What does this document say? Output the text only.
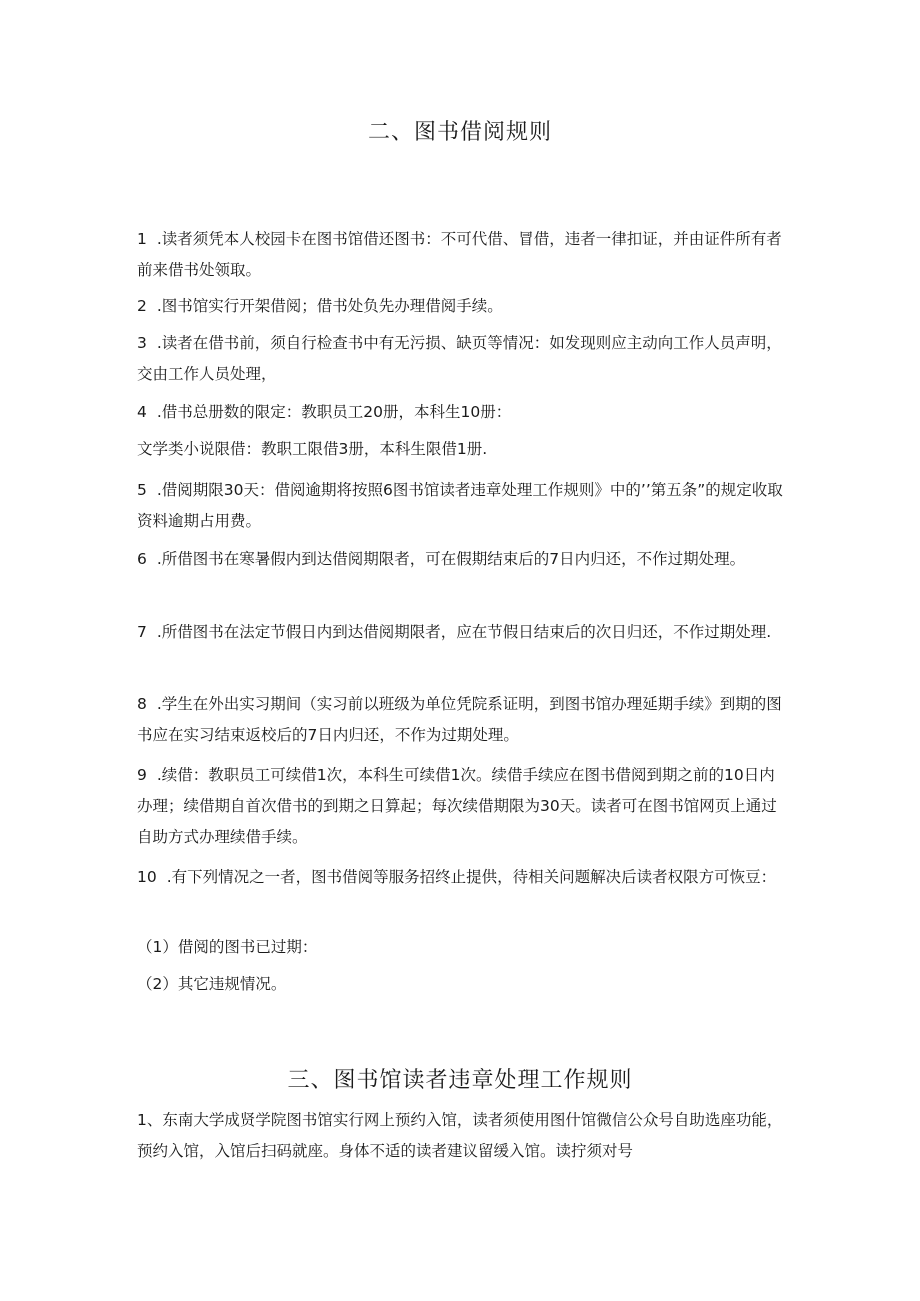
二、图书借阅规则

1 .读者须凭本人校园卡在图书馆借还图书：不可代借、冒借，违者一律扣证，并由证件所有者前来借书处领取。

2 .图书馆实行开架借阅；借书处负先办理借阅手续。

3 .读者在借书前，须自行检查书中有无污损、缺页等情况：如发现则应主动向工作人员声明，交由工作人员处理，

4 .借书总册数的限定：教职员工20册，本科生10册：

文学类小说限借：教职工限借3册，本科生限借1册.

5 .借阅期限30天：借阅逾期将按照6图书馆读者违章处理工作规则》中的’’第五条”的规定收取资料逾期占用费。

6 .所借图书在寒暑假内到达借阅期限者，可在假期结束后的7日内归还，不作过期处理。

7 .所借图书在法定节假日内到达借阅期限者，应在节假日结束后的次日归还，不作过期处理.

8 .学生在外出实习期间（实习前以班级为单位凭院系证明，到图书馆办理延期手续》到期的图书应在实习结束返校后的7日内归还，不作为过期处理。

9 .续借：教职员工可续借1次，本科生可续借1次。续借手续应在图书借阅到期之前的10日内办理；续借期自首次借书的到期之日算起；每次续借期限为30天。读者可在图书馆网页上通过自助方式办理续借手续。

10 .有下列情况之一者，图书借阅等服务招终止提供，待相关问题解决后读者权限方可恢豆：

（1）借阅的图书已过期：

（2）其它违规情况。

三、图书馆读者违章处理工作规则

1、东南大学成贤学院图书馆实行网上预约入馆，读者须使用图什馆微信公众号自助选座功能，预约入馆，入馆后扫码就座。身体不适的读者建议留缓入馆。读拧须对号
